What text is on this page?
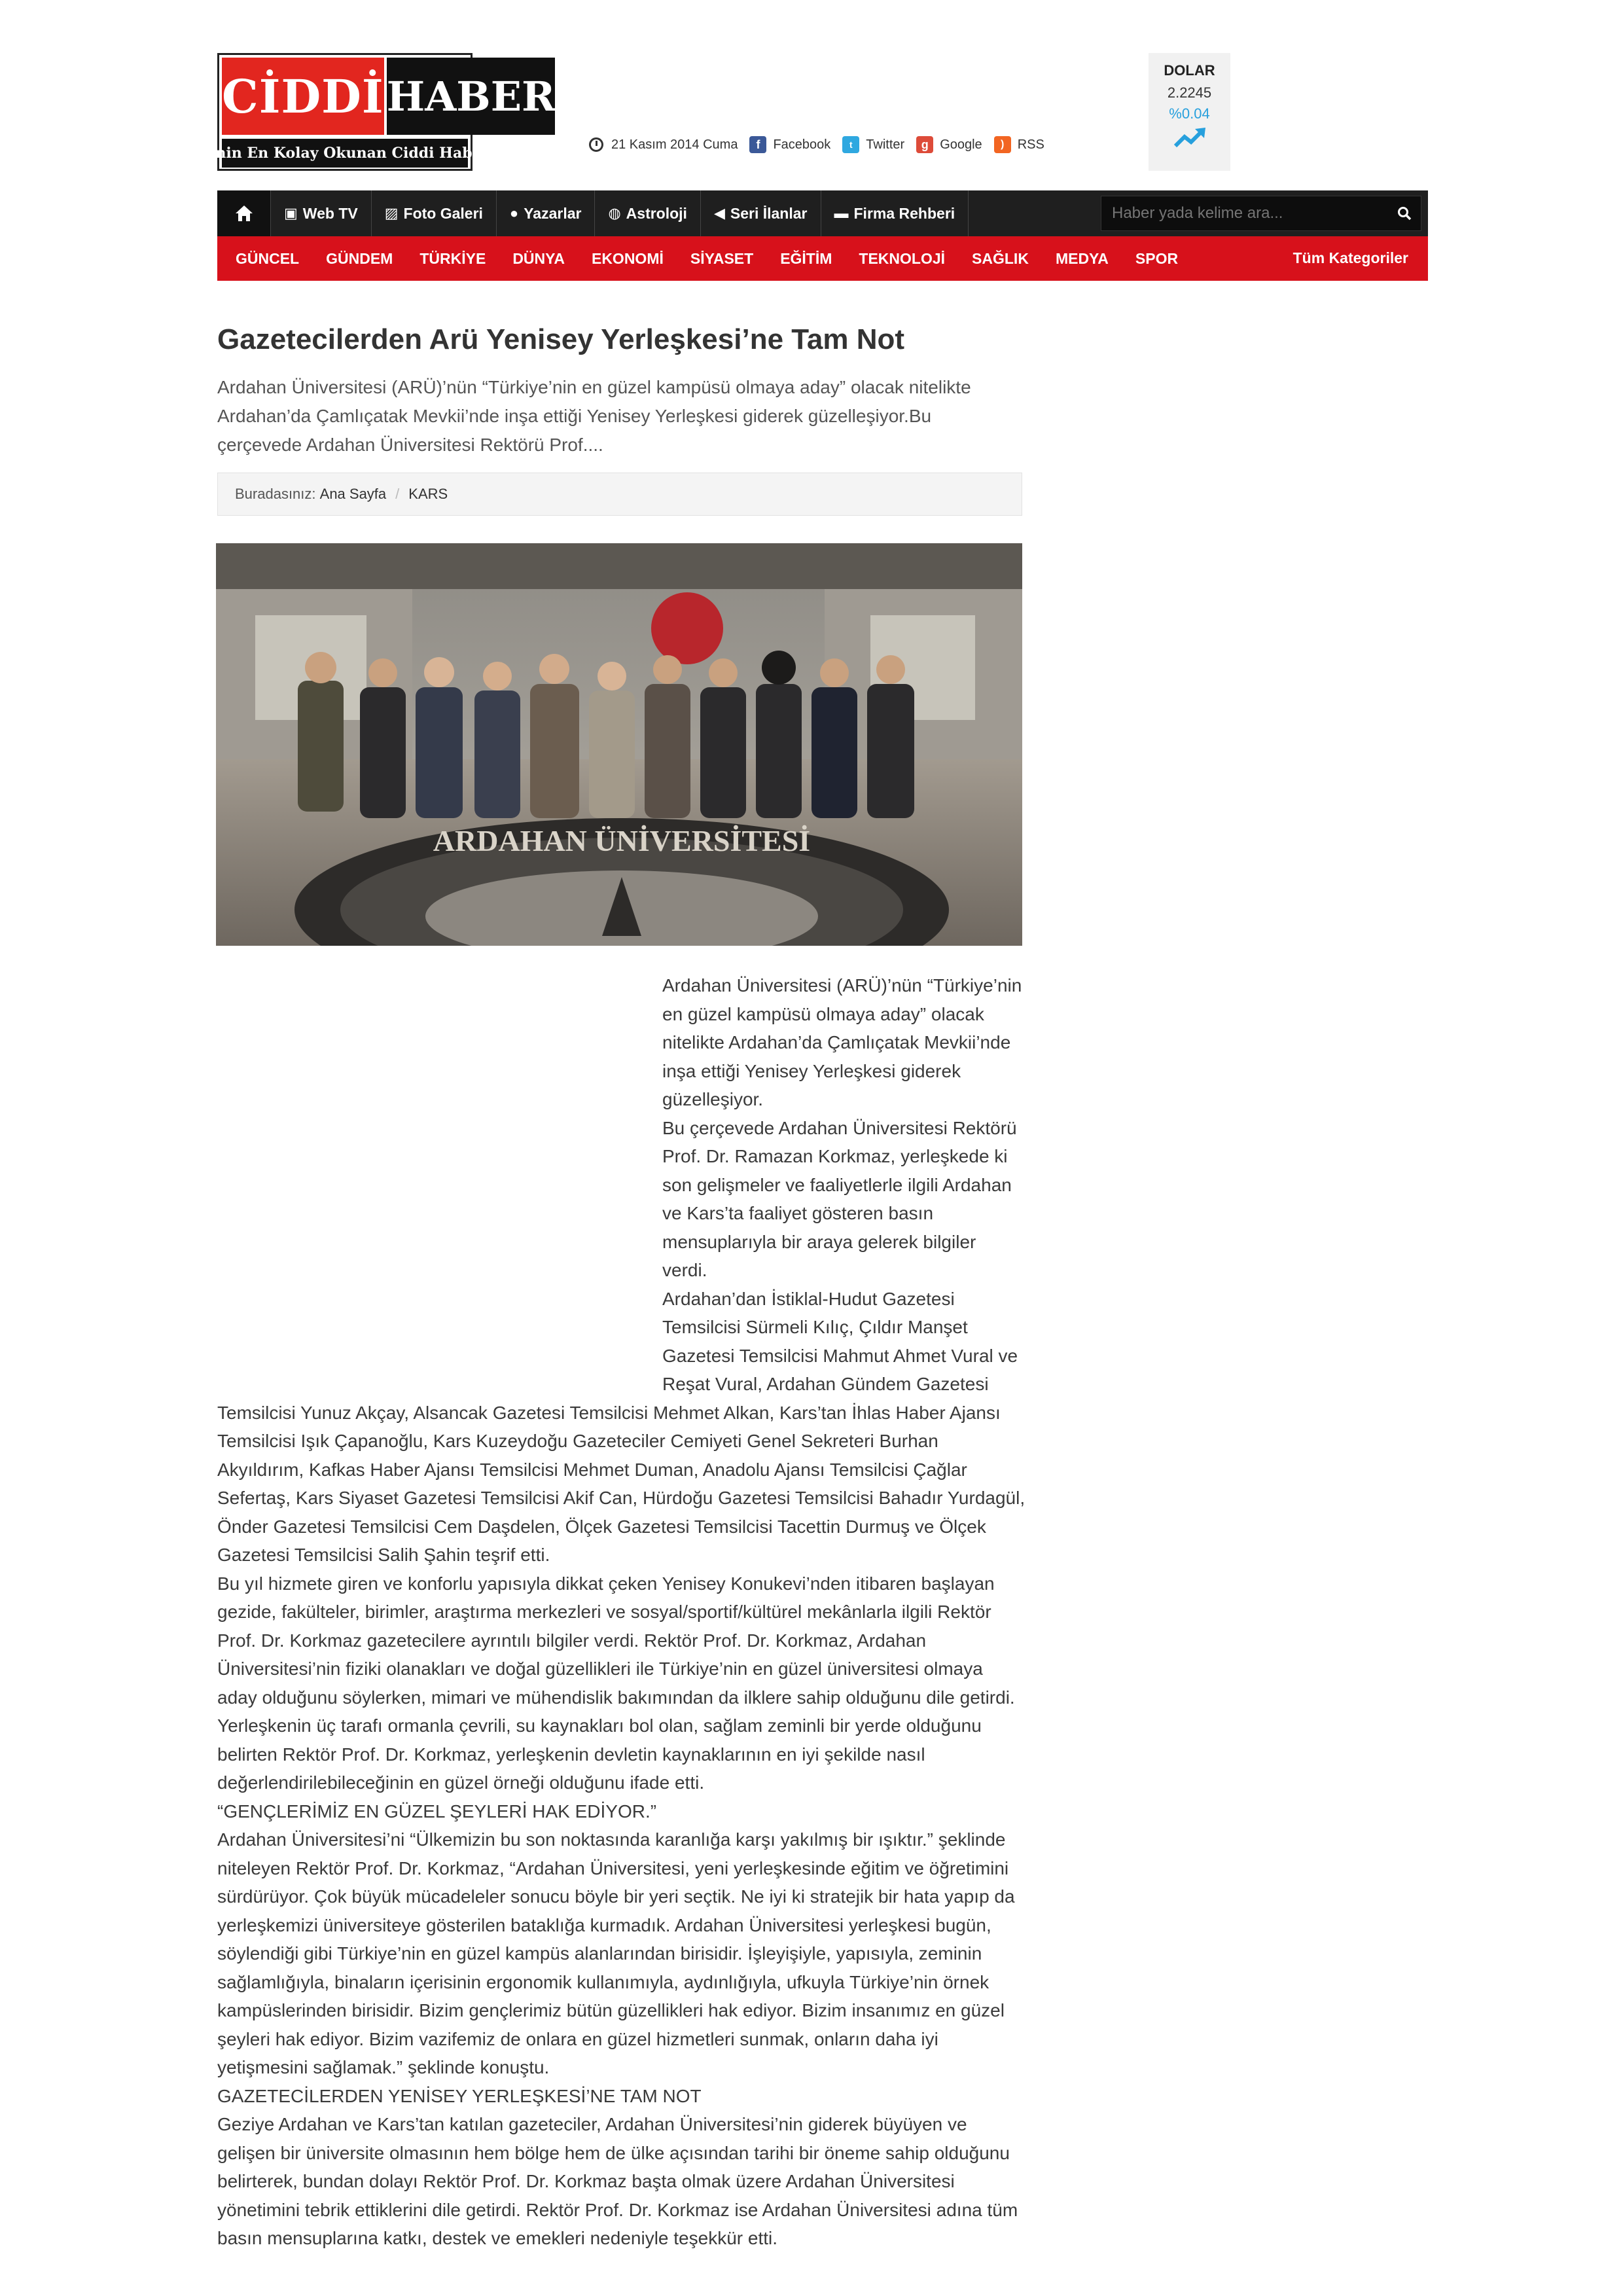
CİDDİ HABER
Türkiye'nin En Kolay Okunan Ciddi Haber Sitesi
21 Kasım 2014 Cuma	f	Facebook	t	Twitter	g Google	)	RSS
DOLAR
2.2245
%0.04
▣ Web TV ▨ Foto Galeri ● Yazarlar ◍ Astroloji ◀ Seri İlanlar ▬ Firma Rehberi
Haber yada kelime ara...
GÜNCEL GÜNDEM TÜRKİYE DÜNYA EKONOMİ SİYASET EĞİTİM TEKNOLOJİ SAĞLIK MEDYA SPOR	Tüm Kategoriler
Gazetecilerden Arü Yenisey Yerleşkesi’ne Tam Not

Ardahan Üniversitesi (ARÜ)’nün “Türkiye’nin en güzel kampüsü olmaya aday” olacak nitelikte Ardahan’da Çamlıçatak Mevkii’nde inşa ettiği Yenisey Yerleşkesi giderek güzelleşiyor.Bu çerçevede Ardahan Üniversitesi Rektörü Prof....

Buradasınız:
Ana Sayfa / KARS
ARDAHAN ÜNİVERSİTESİ

Ardahan Üniversitesi (ARÜ)’nün “Türkiye’nin en güzel kampüsü olmaya aday” olacak nitelikte Ardahan’da Çamlıçatak Mevkii’nde inşa ettiği Yenisey Yerleşkesi giderek güzelleşiyor.

Bu çerçevede Ardahan Üniversitesi Rektörü Prof. Dr. Ramazan Korkmaz, yerleşkede ki son gelişmeler ve faaliyetlerle ilgili Ardahan ve Kars’ta faaliyet gösteren basın mensuplarıyla bir araya gelerek bilgiler verdi.

Ardahan’dan İstiklal-Hudut Gazetesi Temsilcisi Sürmeli Kılıç, Çıldır Manşet Gazetesi Temsilcisi Mahmut Ahmet Vural ve Reşat Vural, Ardahan Gündem Gazetesi Temsilcisi Yunuz Akçay, Alsancak Gazetesi Temsilcisi Mehmet Alkan, Kars’tan İhlas Haber Ajansı Temsilcisi Işık Çapanoğlu, Kars Kuzeydoğu Gazeteciler Cemiyeti Genel Sekreteri Burhan Akyıldırım, Kafkas Haber Ajansı Temsilcisi Mehmet Duman, Anadolu Ajansı Temsilcisi Çağlar Sefertaş, Kars Siyaset Gazetesi Temsilcisi Akif Can, Hürdoğu Gazetesi Temsilcisi Bahadır Yurdagül, Önder Gazetesi Temsilcisi Cem Daşdelen, Ölçek Gazetesi Temsilcisi Tacettin Durmuş ve Ölçek Gazetesi Temsilcisi Salih Şahin teşrif etti.

Bu yıl hizmete giren ve konforlu yapısıyla dikkat çeken Yenisey Konukevi’nden itibaren başlayan gezide, fakülteler, birimler, araştırma merkezleri ve sosyal/sportif/kültürel mekânlarla ilgili Rektör Prof. Dr. Korkmaz gazetecilere ayrıntılı bilgiler verdi. Rektör Prof. Dr. Korkmaz, Ardahan Üniversitesi’nin fiziki olanakları ve doğal güzellikleri ile Türkiye’nin en güzel üniversitesi olmaya aday olduğunu söylerken, mimari ve mühendislik bakımından da ilklere sahip olduğunu dile getirdi. Yerleşkenin üç tarafı ormanla çevrili, su kaynakları bol olan, sağlam zeminli bir yerde olduğunu belirten Rektör Prof. Dr. Korkmaz, yerleşkenin devletin kaynaklarının en iyi şekilde nasıl değerlendirilebileceğinin en güzel örneği olduğunu ifade etti.

“GENÇLERİMİZ EN GÜZEL ŞEYLERİ HAK EDİYOR.”

Ardahan Üniversitesi’ni “Ülkemizin bu son noktasında karanlığa karşı yakılmış bir ışıktır.” şeklinde niteleyen Rektör Prof. Dr. Korkmaz, “Ardahan Üniversitesi, yeni yerleşkesinde eğitim ve öğretimini sürdürüyor. Çok büyük mücadeleler sonucu böyle bir yeri seçtik. Ne iyi ki stratejik bir hata yapıp da yerleşkemizi üniversiteye gösterilen bataklığa kurmadık. Ardahan Üniversitesi yerleşkesi bugün, söylendiği gibi Türkiye’nin en güzel kampüs alanlarından birisidir. İşleyişiyle, yapısıyla, zeminin sağlamlığıyla, binaların içerisinin ergonomik kullanımıyla, aydınlığıyla, ufkuyla Türkiye’nin örnek kampüslerinden birisidir. Bizim gençlerimiz bütün güzellikleri hak ediyor. Bizim insanımız en güzel şeyleri hak ediyor. Bizim vazifemiz de onlara en güzel hizmetleri sunmak, onların daha iyi yetişmesini sağlamak.” şeklinde konuştu.

GAZETECİLERDEN YENİSEY YERLEŞKESİ’NE TAM NOT

Geziye Ardahan ve Kars’tan katılan gazeteciler, Ardahan Üniversitesi’nin giderek büyüyen ve gelişen bir üniversite olmasının hem bölge hem de ülke açısından tarihi bir öneme sahip olduğunu belirterek, bundan dolayı Rektör Prof. Dr. Korkmaz başta olmak üzere Ardahan Üniversitesi yönetimini tebrik ettiklerini dile getirdi. Rektör Prof. Dr. Korkmaz ise Ardahan Üniversitesi adına tüm basın mensuplarına katkı, destek ve emekleri nedeniyle teşekkür etti.
